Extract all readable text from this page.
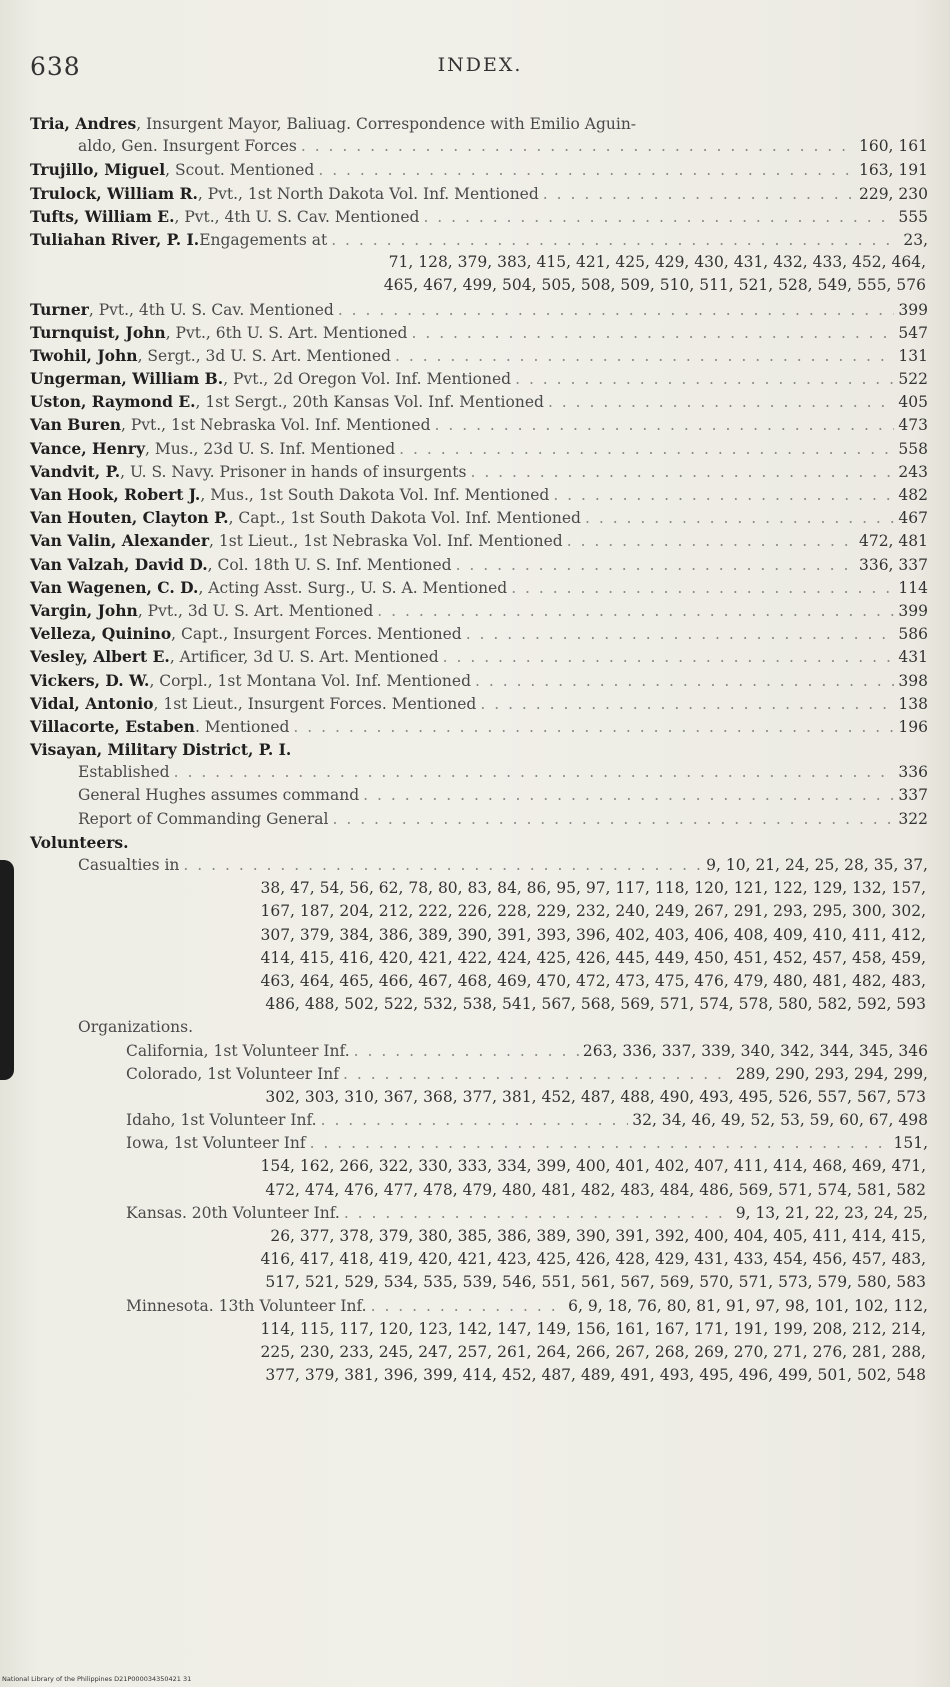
638	INDEX.
Tria, Andres , Insurgent Mayor, Baliuag. Correspondence with Emilio Aguin-
aldo, Gen. Insurgent Forces . . .	160, 161
Trujillo, Miguel , Scout. Mentioned . . .	163, 191
Trulock, William R. , Pvt., 1st North Dakota Vol. Inf. Mentioned . . .	229, 230
Tufts, William E. , Pvt., 4th U. S. Cav. Mentioned . . .	555
Tuliahan River, P. I. Engagements at . . .	23,
71, 128, 379, 383, 415, 421, 425, 429, 430, 431, 432, 433, 452, 464,
465, 467, 499, 504, 505, 508, 509, 510, 511, 521, 528, 549, 555, 576
Turner , Pvt., 4th U. S. Cav. Mentioned . . .	399
Turnquist, John , Pvt., 6th U. S. Art. Mentioned . . .	547
Twohil, John , Sergt., 3d U. S. Art. Mentioned . . .	131
Ungerman, William B. , Pvt., 2d Oregon Vol. Inf. Mentioned . . .	522
Uston, Raymond E. , 1st Sergt., 20th Kansas Vol. Inf. Mentioned . . .	405
Van Buren , Pvt., 1st Nebraska Vol. Inf. Mentioned . . .	473
Vance, Henry , Mus., 23d U. S. Inf. Mentioned . . .	558
Vandvit, P. , U. S. Navy. Prisoner in hands of insurgents . . .	243
Van Hook, Robert J. , Mus., 1st South Dakota Vol. Inf. Mentioned . . .	482
Van Houten, Clayton P. , Capt., 1st South Dakota Vol. Inf. Mentioned . . .	467
Van Valin, Alexander , 1st Lieut., 1st Nebraska Vol. Inf. Mentioned . . .	472, 481
Van Valzah, David D. , Col. 18th U. S. Inf. Mentioned . . .	336, 337
Van Wagenen, C. D. , Acting Asst. Surg., U. S. A. Mentioned . . .	114
Vargin, John , Pvt., 3d U. S. Art. Mentioned . . .	399
Velleza, Quinino , Capt., Insurgent Forces. Mentioned . . .	586
Vesley, Albert E. , Artificer, 3d U. S. Art. Mentioned . . .	431
Vickers, D. W. , Corpl., 1st Montana Vol. Inf. Mentioned . . .	398
Vidal, Antonio , 1st Lieut., Insurgent Forces. Mentioned . . .	138
Villacorte, Estaben . Mentioned . . .	196
Visayan, Military District, P. I.
Established . . .	336
General Hughes assumes command . . .	337
Report of Commanding General . . .	322
Volunteers.
Casualties in . . .	9, 10, 21, 24, 25, 28, 35, 37,
38, 47, 54, 56, 62, 78, 80, 83, 84, 86, 95, 97, 117, 118, 120, 121, 122, 129, 132, 157,
167, 187, 204, 212, 222, 226, 228, 229, 232, 240, 249, 267, 291, 293, 295, 300, 302,
307, 379, 384, 386, 389, 390, 391, 393, 396, 402, 403, 406, 408, 409, 410, 411, 412,
414, 415, 416, 420, 421, 422, 424, 425, 426, 445, 449, 450, 451, 452, 457, 458, 459,
463, 464, 465, 466, 467, 468, 469, 470, 472, 473, 475, 476, 479, 480, 481, 482, 483,
486, 488, 502, 522, 532, 538, 541, 567, 568, 569, 571, 574, 578, 580, 582, 592, 593
Organizations.
California, 1st Volunteer Inf. . . .	263, 336, 337, 339, 340, 342, 344, 345, 346
Colorado, 1st Volunteer Inf . . .	289, 290, 293, 294, 299,
302, 303, 310, 367, 368, 377, 381, 452, 487, 488, 490, 493, 495, 526, 557, 567, 573
Idaho, 1st Volunteer Inf. . . .	32, 34, 46, 49, 52, 53, 59, 60, 67, 498
Iowa, 1st Volunteer Inf . . .	151,
154, 162, 266, 322, 330, 333, 334, 399, 400, 401, 402, 407, 411, 414, 468, 469, 471,
472, 474, 476, 477, 478, 479, 480, 481, 482, 483, 484, 486, 569, 571, 574, 581, 582
Kansas. 20th Volunteer Inf. . . .	9, 13, 21, 22, 23, 24, 25,
26, 377, 378, 379, 380, 385, 386, 389, 390, 391, 392, 400, 404, 405, 411, 414, 415,
416, 417, 418, 419, 420, 421, 423, 425, 426, 428, 429, 431, 433, 454, 456, 457, 483,
517, 521, 529, 534, 535, 539, 546, 551, 561, 567, 569, 570, 571, 573, 579, 580, 583
Minnesota. 13th Volunteer Inf. . . .	6, 9, 18, 76, 80, 81, 91, 97, 98, 101, 102, 112,
114, 115, 117, 120, 123, 142, 147, 149, 156, 161, 167, 171, 191, 199, 208, 212, 214,
225, 230, 233, 245, 247, 257, 261, 264, 266, 267, 268, 269, 270, 271, 276, 281, 288,
377, 379, 381, 396, 399, 414, 452, 487, 489, 491, 493, 495, 496, 499, 501, 502, 548
National Library of the Philippines D21P000034350421 31
